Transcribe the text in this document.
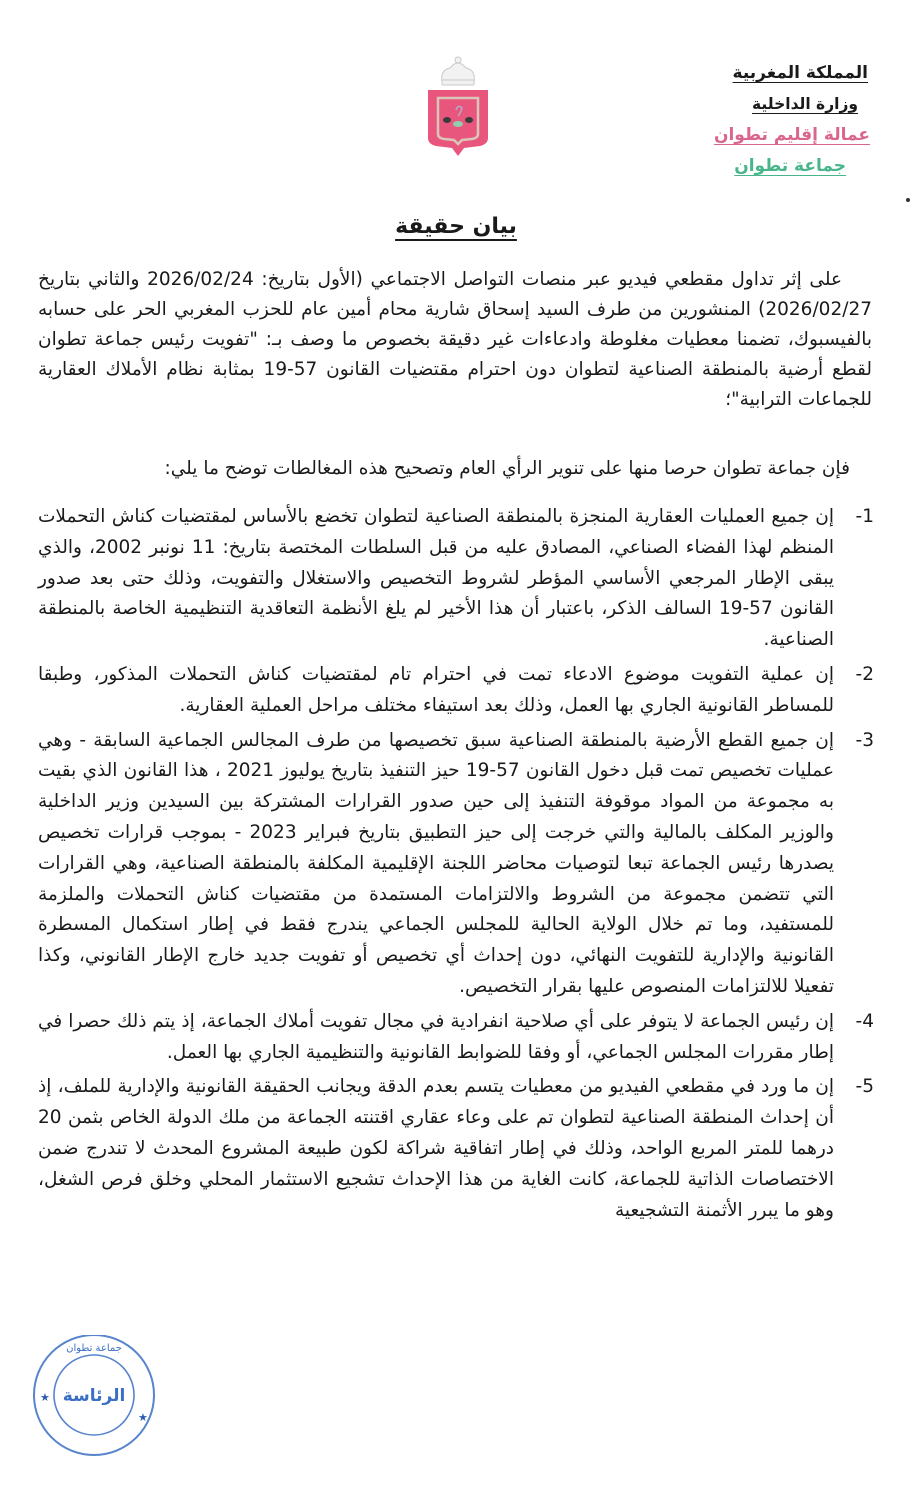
المملكة المغربية
وزارة الداخلية
عمالة إقليم تطوان
جماعة تطوان
بيان حقيقة
على إثر تداول مقطعي فيديو عبر منصات التواصل الاجتماعي (الأول بتاريخ: 2026/02/24 والثاني بتاريخ 2026/02/27) المنشورين من طرف السيد إسحاق شارية محام أمين عام للحزب المغربي الحر على حسابه بالفيسبوك، تضمنا معطيات مغلوطة وادعاءات غير دقيقة بخصوص ما وصف بـ: "تفويت رئيس جماعة تطوان لقطع أرضية بالمنطقة الصناعية لتطوان دون احترام مقتضيات القانون 57-19 بمثابة نظام الأملاك العقارية للجماعات الترابية"؛
فإن جماعة تطوان حرصا منها على تنوير الرأي العام وتصحيح هذه المغالطات توضح ما يلي:
-1
إن جميع العمليات العقارية المنجزة بالمنطقة الصناعية لتطوان تخضع بالأساس لمقتضيات كناش التحملات المنظم لهذا الفضاء الصناعي، المصادق عليه من قبل السلطات المختصة بتاريخ: 11 نونبر 2002، والذي يبقى الإطار المرجعي الأساسي المؤطر لشروط التخصيص والاستغلال والتفويت، وذلك حتى بعد صدور القانون 57-19 السالف الذكر، باعتبار أن هذا الأخير لم يلغ الأنظمة التعاقدية التنظيمية الخاصة بالمنطقة الصناعية.
-2
إن عملية التفويت موضوع الادعاء تمت في احترام تام لمقتضيات كناش التحملات المذكور، وطبقا للمساطر القانونية الجاري بها العمل، وذلك بعد استيفاء مختلف مراحل العملية العقارية.
-3
إن جميع القطع الأرضية بالمنطقة الصناعية سبق تخصيصها من طرف المجالس الجماعية السابقة - وهي عمليات تخصيص تمت قبل دخول القانون 57-19 حيز التنفيذ بتاريخ يوليوز 2021 ، هذا القانون الذي بقيت به مجموعة من المواد موقوفة التنفيذ إلى حين صدور القرارات المشتركة بين السيدين وزير الداخلية والوزير المكلف بالمالية والتي خرجت إلى حيز التطبيق بتاريخ فبراير 2023 - بموجب قرارات تخصيص يصدرها رئيس الجماعة تبعا لتوصيات محاضر اللجنة الإقليمية المكلفة بالمنطقة الصناعية، وهي القرارات التي تتضمن مجموعة من الشروط والالتزامات المستمدة من مقتضيات كناش التحملات والملزمة للمستفيد، وما تم خلال الولاية الحالية للمجلس الجماعي يندرج فقط في إطار استكمال المسطرة القانونية والإدارية للتفويت النهائي، دون إحداث أي تخصيص أو تفويت جديد خارج الإطار القانوني، وكذا تفعيلا للالتزامات المنصوص عليها بقرار التخصيص.
-4
إن رئيس الجماعة لا يتوفر على أي صلاحية انفرادية في مجال تفويت أملاك الجماعة، إذ يتم ذلك حصرا في إطار مقررات المجلس الجماعي، أو وفقا للضوابط القانونية والتنظيمية الجاري بها العمل.
-5
إن ما ورد في مقطعي الفيديو من معطيات يتسم بعدم الدقة ويجانب الحقيقة القانونية والإدارية للملف، إذ أن إحداث المنطقة الصناعية لتطوان تم على وعاء عقاري اقتنته الجماعة من ملك الدولة الخاص بثمن 20 درهما للمتر المربع الواحد، وذلك في إطار اتفاقية شراكة لكون طبيعة المشروع المحدث لا تندرج ضمن الاختصاصات الذاتية للجماعة، كانت الغاية من هذا الإحداث تشجيع الاستثمار المحلي وخلق فرص الشغل، وهو ما يبرر الأثمنة التشجيعية
الرئاسة
جماعة تطوان
★
★
